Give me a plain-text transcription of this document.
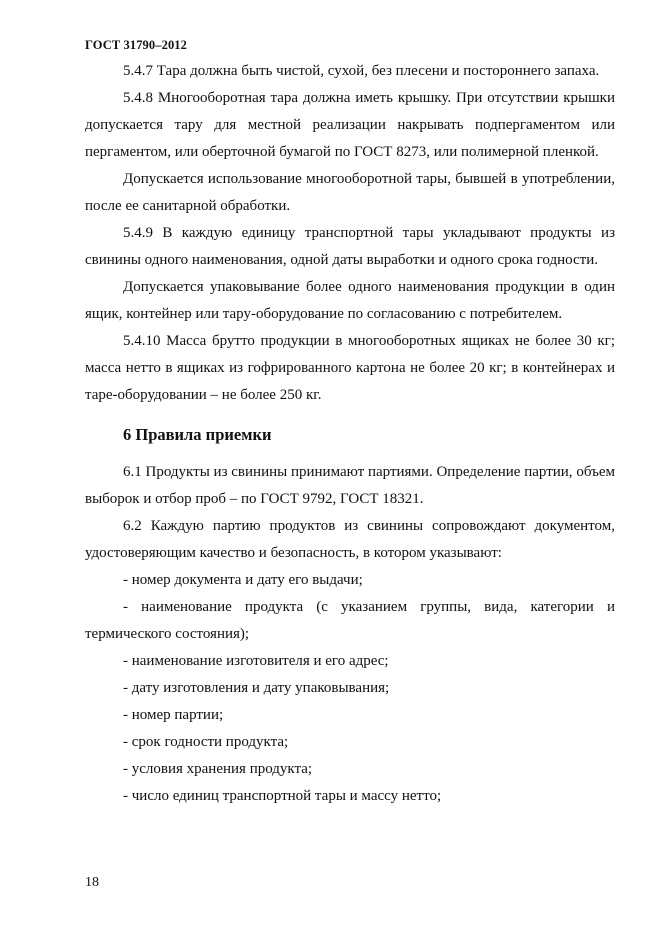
ГОСТ 31790–2012

5.4.7 Тара должна быть чистой, сухой, без плесени и постороннего запаха.

5.4.8 Многооборотная тара должна иметь крышку. При отсутствии крышки допускается тару для местной реализации накрывать подпергаментом или пергаментом, или оберточной бумагой по ГОСТ 8273, или полимерной пленкой.

Допускается использование многооборотной тары, бывшей в употреблении, после ее санитарной обработки.

5.4.9 В каждую единицу транспортной тары укладывают продукты из свинины одного наименования, одной даты выработки и одного срока годности.

Допускается упаковывание более одного наименования продукции в один ящик, контейнер или тару-оборудование по согласованию с потребителем.

5.4.10 Масса брутто продукции в многооборотных ящиках не более 30 кг; масса нетто в ящиках из гофрированного картона не более 20 кг; в контейнерах и таре-оборудовании – не более 250 кг.

6 Правила приемки

6.1 Продукты из свинины принимают партиями. Определение партии, объем выборок и отбор проб – по ГОСТ 9792, ГОСТ 18321.

6.2 Каждую партию продуктов из свинины сопровождают документом, удостоверяющим качество и безопасность, в котором указывают:

- номер документа и дату его выдачи;

- наименование продукта (с указанием группы, вида, категории и термического состояния);

- наименование изготовителя и его адрес;

- дату изготовления и дату упаковывания;

- номер партии;

- срок годности продукта;

- условия хранения продукта;

- число единиц транспортной тары и массу нетто;

18
